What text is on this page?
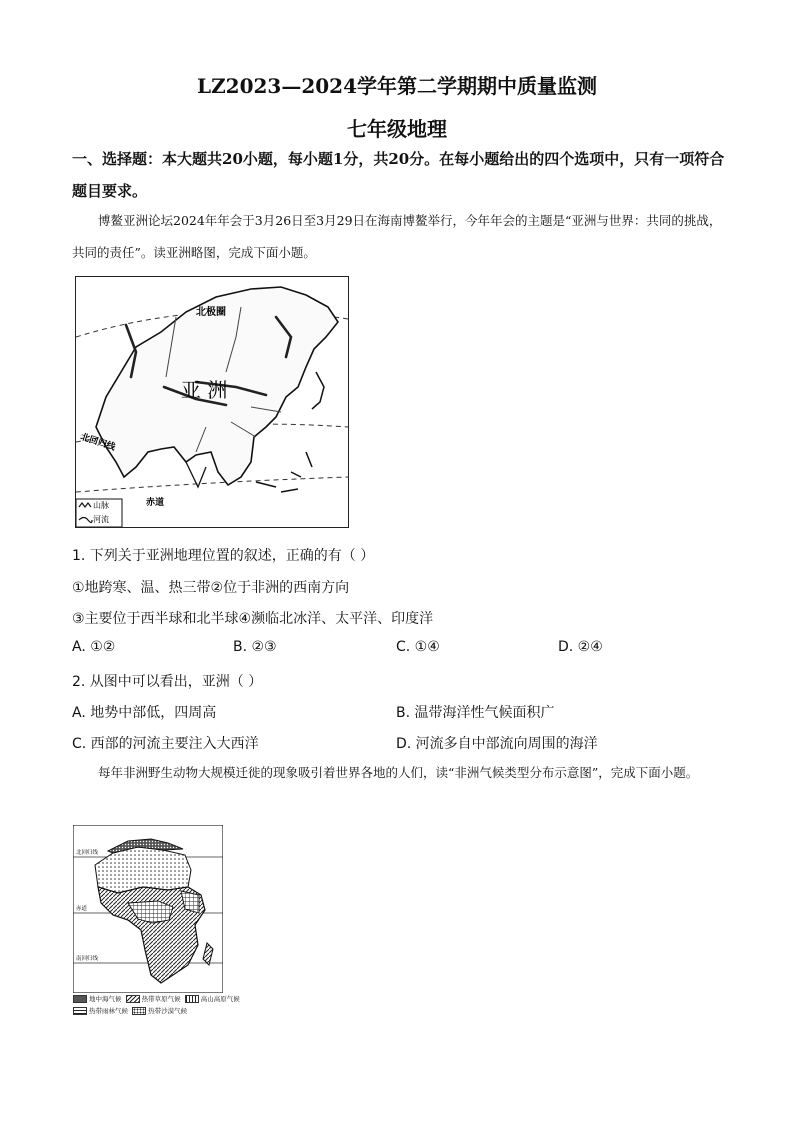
LZ2023—2024学年第二学期期中质量监测
七年级地理
一、选择题：本大题共20小题，每小题1分，共20分。在每小题给出的四个选项中，只有一项符合题目要求。
博鳌亚洲论坛2024年年会于3月26日至3月29日在海南博鳌举行，今年年会的主题是“亚洲与世界：共同的挑战，共同的责任”。读亚洲略图，完成下面小题。
北极圈
亚 洲
北回归线
赤道
山脉
河流
1. 下列关于亚洲地理位置的叙述，正确的有（ ）
①地跨寒、温、热三带②位于非洲的西南方向
③主要位于西半球和北半球④濒临北冰洋、太平洋、印度洋
A. ①②	B. ②③	C. ①④	D. ②④
2. 从图中可以看出，亚洲（ ）
A. 地势中部低，四周高	B. 温带海洋性气候面积广
C. 西部的河流主要注入大西洋	D. 河流多自中部流向周围的海洋
每年非洲野生动物大规模迁徙的现象吸引着世界各地的人们，读“非洲气候类型分布示意图”，完成下面小题。
北回归线
赤道
南回归线
地中海气候	热带草原气候	高山高原气候
热带雨林气候	热带沙漠气候
